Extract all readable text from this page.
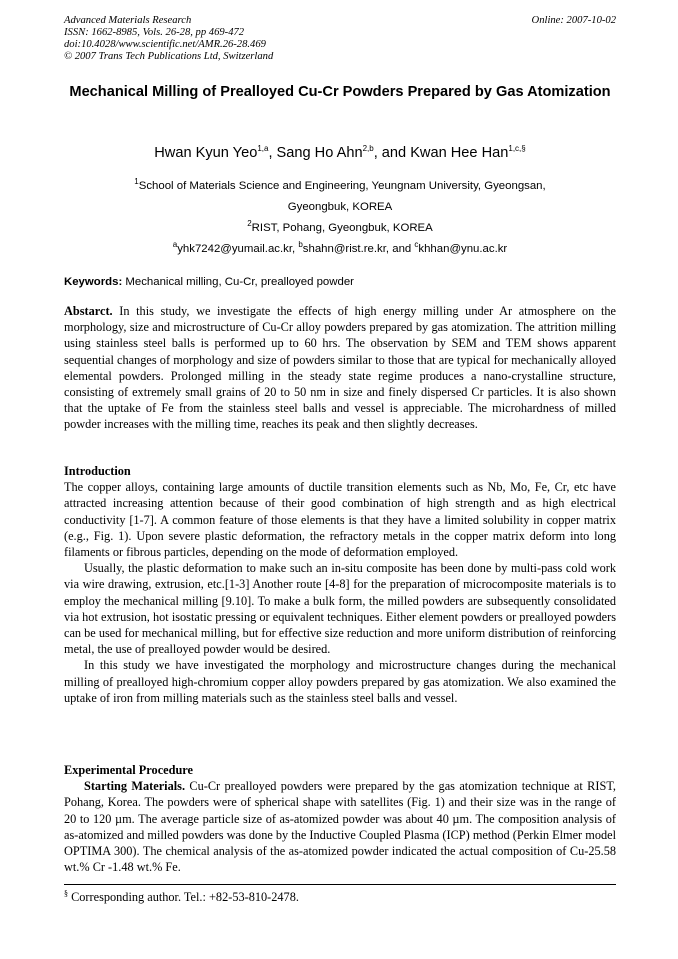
Advanced Materials Research
ISSN: 1662-8985, Vols. 26-28, pp 469-472
doi:10.4028/www.scientific.net/AMR.26-28.469
© 2007 Trans Tech Publications Ltd, Switzerland
Online: 2007-10-02
Mechanical Milling of Prealloyed Cu-Cr Powders Prepared by Gas Atomization
Hwan Kyun Yeo$^{1,a}$, Sang Ho Ahn$^{2,b}$, and Kwan Hee Han$^{1,c,\S}$
$^1$School of Materials Science and Engineering, Yeungnam University, Gyeongsan,
Gyeongbuk, KOREA
$^2$RIST, Pohang, Gyeongbuk, KOREA
$^a$yhk7242@yumail.ac.kr, $^b$shahn@rist.re.kr, and $^c$khhan@ynu.ac.kr
Keywords: Mechanical milling, Cu-Cr, prealloyed powder

Abstarct. In this study, we investigate the effects of high energy milling under Ar atmosphere on the morphology, size and microstructure of Cu-Cr alloy powders prepared by gas atomization. The attrition milling using stainless steel balls is performed up to 60 hrs. The observation by SEM and TEM shows apparent sequential changes of morphology and size of powders similar to those that are typical for mechanically alloyed elemental powders. Prolonged milling in the steady state regime produces a nano-crystalline structure, consisting of extremely small grains of 20 to 50 nm in size and finely dispersed Cr particles. It is also shown that the uptake of Fe from the stainless steel balls and vessel is appreciable. The microhardness of milled powder increases with the milling time, reaches its peak and then slightly decreases.

Introduction

The copper alloys, containing large amounts of ductile transition elements such as Nb, Mo, Fe, Cr, etc have attracted increasing attention because of their good combination of high strength and as high electrical conductivity [1-7]. A common feature of those elements is that they have a limited solubility in copper matrix (e.g., Fig. 1). Upon severe plastic deformation, the refractory metals in the copper matrix deform into long filaments or fibrous particles, depending on the mode of deformation employed.

Usually, the plastic deformation to make such an in-situ composite has been done by multi-pass cold work via wire drawing, extrusion, etc.[1-3] Another route [4-8] for the preparation of microcomposite materials is to employ the mechanical milling [9.10]. To make a bulk form, the milled powders are subsequently consolidated via hot extrusion, hot isostatic pressing or equivalent techniques. Either element powders or prealloyed powders can be used for mechanical milling, but for effective size reduction and more uniform distribution of reinforcing metal, the use of prealloyed powder would be desired.

In this study we have investigated the morphology and microstructure changes during the mechanical milling of prealloyed high-chromium copper alloy powders prepared by gas atomization. We also examined the uptake of iron from milling materials such as the stainless steel balls and vessel.

Experimental Procedure

Starting Materials. Cu-Cr prealloyed powders were prepared by the gas atomization technique at RIST, Pohang, Korea. The powders were of spherical shape with satellites (Fig. 1) and their size was in the range of 20 to 120 µm. The average particle size of as-atomized powder was about 40 µm. The composition analysis of as-atomized and milled powders was done by the Inductive Coupled Plasma (ICP) method (Perkin Elmer model OPTIMA 300). The chemical analysis of the as-atomized powder indicated the actual composition of Cu-25.58 wt.% Cr -1.48 wt.% Fe.

§ Corresponding author. Tel.: +82-53-810-2478.
